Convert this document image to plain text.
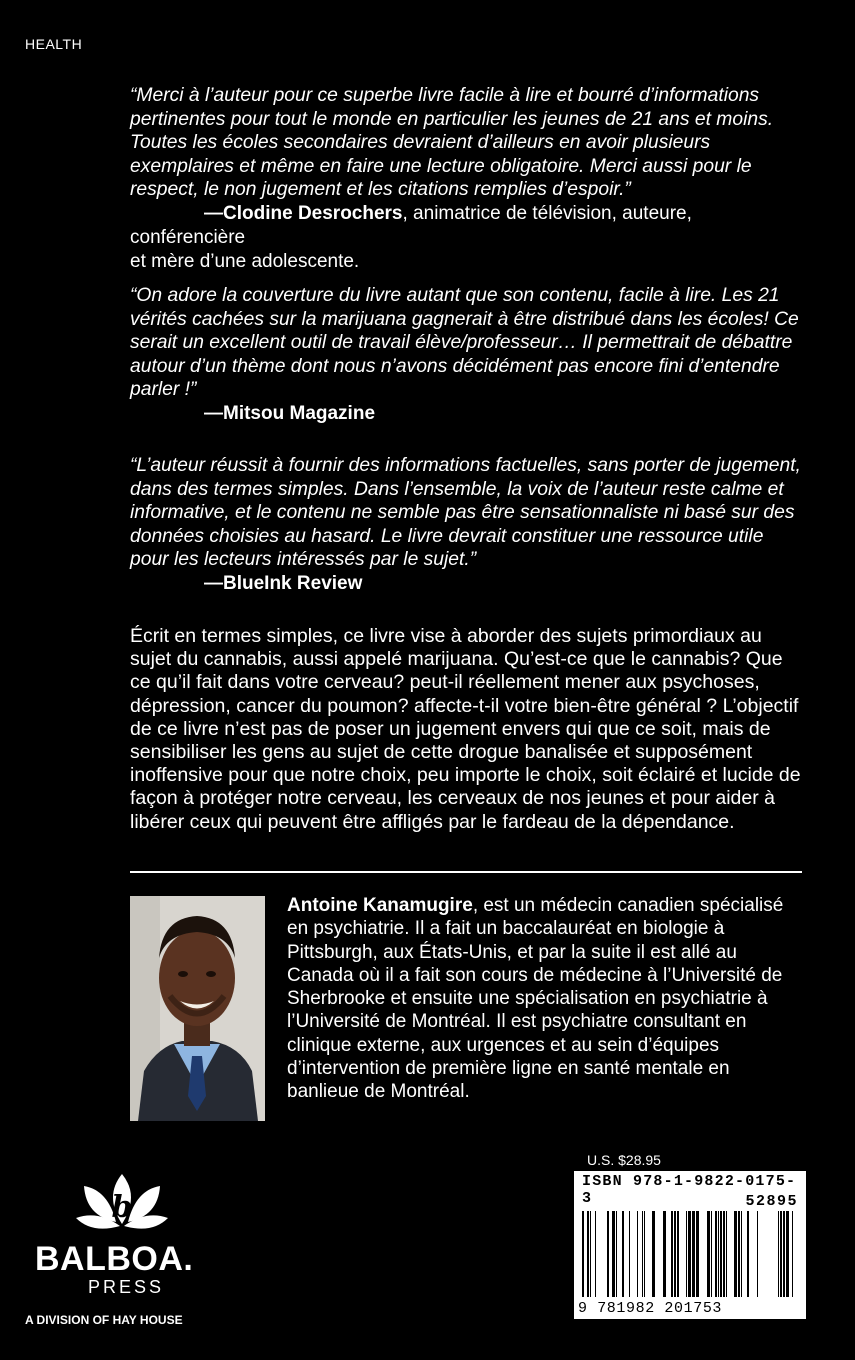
HEALTH

“Merci à l’auteur pour ce superbe livre facile à lire et bourré d’informations pertinentes pour tout le monde en particulier les jeunes de 21 ans et moins. Toutes les écoles secondaires devraient d’ailleurs en avoir plusieurs exemplaires et même en faire une lecture obligatoire. Merci aussi pour le respect, le non jugement et les citations remplies d’espoir.”

—Clodine Desrochers, animatrice de télévision, auteure, conférencière
et mère d’une adolescente.

“On adore la couverture du livre autant que son contenu, facile à lire. Les 21 vérités cachées sur la marijuana gagnerait à être distribué dans les écoles! Ce serait un excellent outil de travail élève/professeur… Il permettrait de débattre autour d’un thème dont nous n’avons décidément pas encore fini d’entendre parler !”

—Mitsou Magazine

“L’auteur réussit à fournir des informations factuelles, sans porter de jugement, dans des termes simples. Dans l’ensemble, la voix de l’auteur reste calme et informative, et le contenu ne semble pas être sensationnaliste ni basé sur des données choisies au hasard. Le livre devrait constituer une ressource utile pour les lecteurs intéressés par le sujet.”

—BlueInk Review

Écrit en termes simples, ce livre vise à aborder des sujets primordiaux au sujet du cannabis, aussi appelé marijuana. Qu’est-ce que le cannabis? Que ce qu’il fait dans votre cerveau? peut-il réellement mener aux psychoses, dépression, cancer du poumon? affecte-t-il votre bien-être général ? L’objectif de ce livre n’est pas de poser un jugement envers qui que ce soit, mais de sensibiliser les gens au sujet de cette drogue banalisée et supposément inoffensive pour que notre choix, peu importe le choix, soit éclairé et lucide de façon à protéger notre cerveau, les cerveaux de nos jeunes et pour aider à libérer ceux qui peuvent être affligés par le fardeau de la dépendance.

Antoine Kanamugire, est un médecin canadien spécialisé en psychiatrie. Il a fait un baccalauréat en biologie à Pittsburgh, aux États-Unis, et par la suite il est allé au Canada où il a fait son cours de médecine à l’Université de Sherbrooke et ensuite une spécialisation en psychiatrie à l’Université de Montréal. Il est psychiatre consultant en clinique externe, aux urgences et au sein d’équipes d’intervention de première ligne en santé mentale en banlieue de Montréal.

U.S. $28.95
ISBN 978-1-9822-0175-3	52895
9 781982 201753
b
BALBOA.
PRESS
A DIVISION OF HAY HOUSE
